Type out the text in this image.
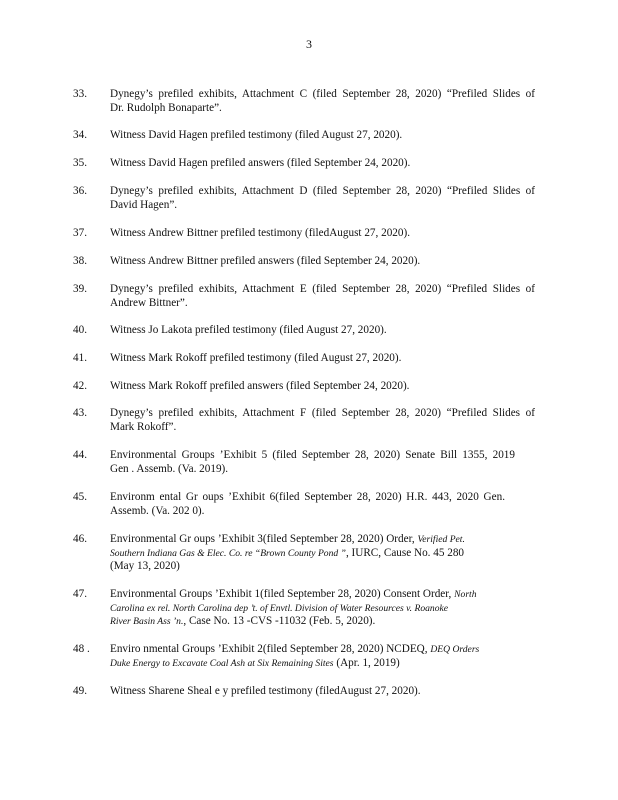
3
33.	Dynegy’s prefiled exhibits, Attachment C (filed September 28, 2020) “Prefiled Slides of
Dr. Rudolph Bonaparte”.
34.	Witness David Hagen prefiled testimony (filed August 27, 2020).
35.	Witness David Hagen prefiled answers (filed September 24, 2020).
36.	Dynegy’s prefiled exhibits, Attachment D (filed September 28, 2020) “Prefiled Slides of
David Hagen”.
37.	Witness Andrew Bittner prefiled testimony (filedAugust 27, 2020).
38.	Witness Andrew Bittner prefiled answers (filed September 24, 2020).
39.	Dynegy’s prefiled exhibits, Attachment E (filed September 28, 2020) “Prefiled Slides of
Andrew Bittner”.
40.	Witness Jo Lakota prefiled testimony (filed August 27, 2020).
41.	Witness Mark Rokoff prefiled testimony (filed August 27, 2020).
42.	Witness Mark Rokoff prefiled answers (filed September 24, 2020).
43.	Dynegy’s prefiled exhibits, Attachment F (filed September 28, 2020) “Prefiled Slides of
Mark Rokoff”.
44.	Environmental Groups ’Exhibit 5 (filed September 28, 2020) Senate Bill 1355, 2019
Gen . Assemb. (Va. 2019).
45.	Environm ental Gr oups ’Exhibit 6(filed September 28, 2020) H.R. 443, 2020 Gen.
Assemb. (Va. 202 0).
46.	Environmental Gr oups ’Exhibit 3(filed September 28, 2020) Order, Verified Pet.
Southern Indiana Gas & Elec. Co. re “Brown County Pond ”, IURC, Cause No. 45 280
(May 13, 2020)
47.	Environmental Groups ’Exhibit 1(filed September 28, 2020) Consent Order, North
Carolina ex rel. North Carolina dep ’t. of Envtl. Division of Water Resources v. Roanoke
River Basin Ass ’n., Case No. 13 -CVS -11032 (Feb. 5, 2020).
48 .	Enviro nmental Groups ’Exhibit 2(filed September 28, 2020) NCDEQ, DEQ Orders
Duke Energy to Excavate Coal Ash at Six Remaining Sites (Apr. 1, 2019)
49.	Witness Sharene Sheal e y prefiled testimony (filedAugust 27, 2020).
